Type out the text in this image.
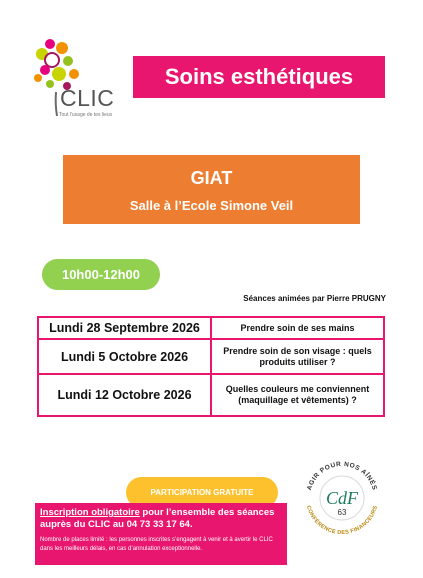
CLIC
Tout l'usage de tes lieux
Soins esthétiques
GIAT
Salle à l’Ecole Simone Veil
10h00-12h00
Séances animées par Pierre PRUGNY
Lundi 28 Septembre 2026	Prendre soin de ses mains
Lundi 5 Octobre 2026	Prendre soin de son visage : quels produits utiliser ?
Lundi 12 Octobre 2026	Quelles couleurs me conviennent (maquillage et vêtements) ?
PARTICIPATION GRATUITE
Inscription obligatoire pour l’ensemble des séances auprès du CLIC au 04 73 33 17 64.
Nombre de places limité : les personnes inscrites s’engagent à venir et à avertir le CLIC dans les meilleurs délais, en cas d’annulation exceptionnelle.
AGIR POUR NOS AÎNÉS
CONFÉRENCE DES FINANCEURS
CdF
63
